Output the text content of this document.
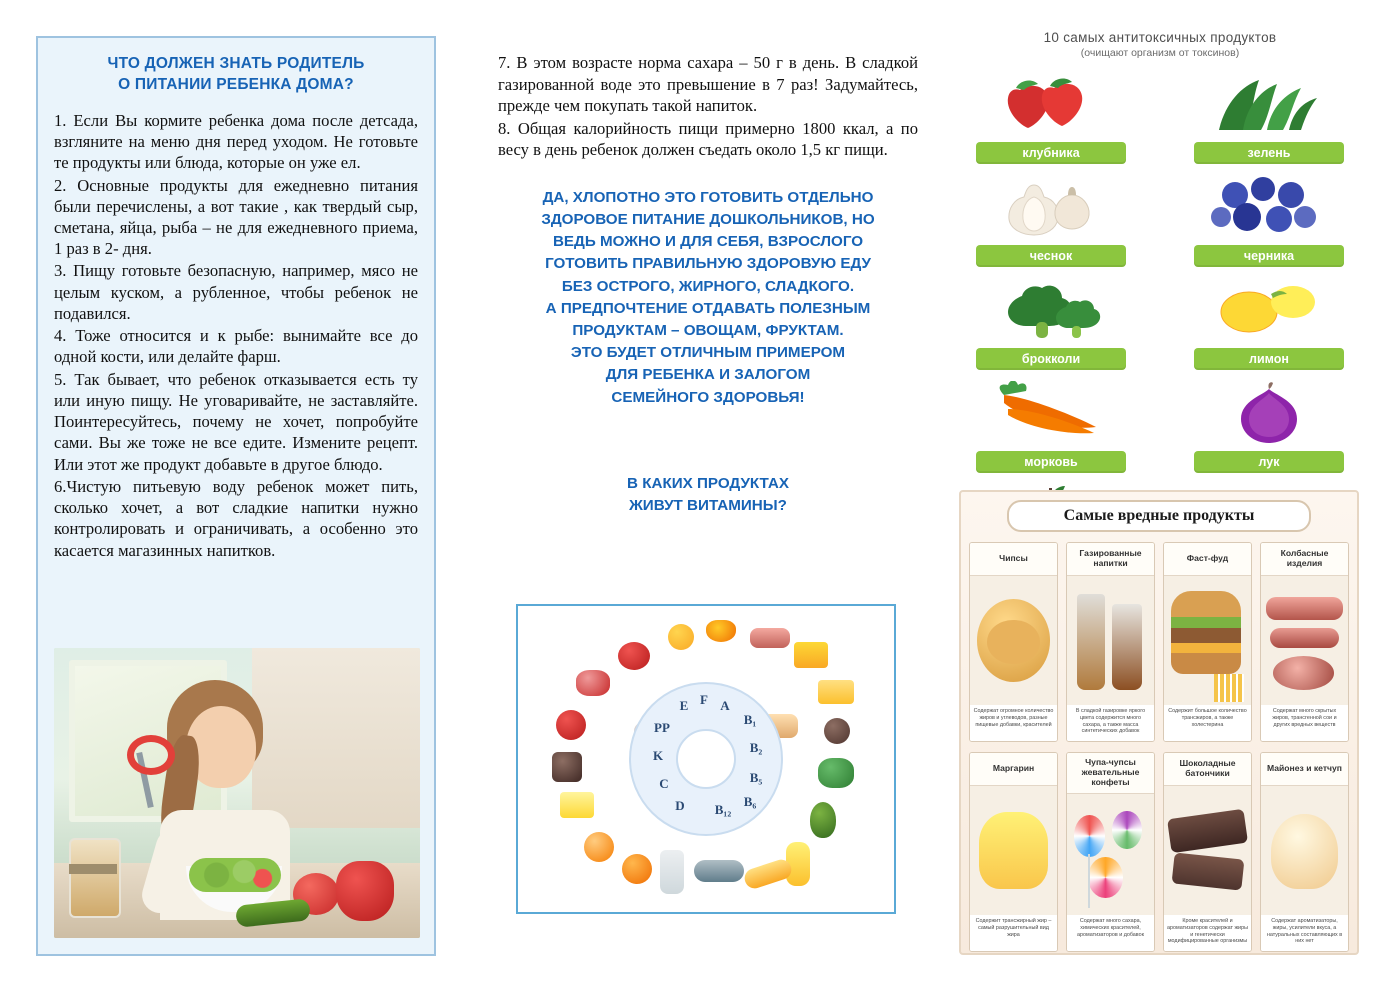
ЧТО ДОЛЖЕН ЗНАТЬ РОДИТЕЛЬ
О ПИТАНИИ РЕБЕНКА ДОМА?

1. Если Вы кормите ребенка дома после детсада, взгляните на меню дня перед уходом. Не готовьте те продукты или блюда, которые он уже ел.

2. Основные продукты для ежедневно питания были перечислены, а вот такие , как твердый сыр, сметана, яйца, рыба – не для ежедневного приема, 1 раз в 2- дня.

3. Пищу готовьте безопасную, например, мясо не целым куском, а рубленное, чтобы ребенок не подавился.

4. Тоже относится и к рыбе: вынимайте все до одной кости, или делайте фарш.

5. Так бывает, что ребенок отказывается есть ту или иную пищу. Не уговаривайте, не заставляйте. Поинтересуйтесь, почему не хочет, попробуйте сами. Вы же тоже не все едите. Измените рецепт. Или этот же продукт добавьте в другое блюдо.

6.Чистую питьевую воду ребенок может пить, сколько хочет, а вот сладкие напитки нужно контролировать и ограничивать, а особенно это касается магазинных напитков.

7. В этом возрасте норма сахара – 50 г в день. В сладкой газированной воде это превышение в 7 раз! Задумайтесь, прежде чем покупать такой напиток.

8. Общая калорийность пищи примерно 1800 ккал, а по весу в день ребенок должен съедать около 1,5 кг пищи.

ДА, ХЛОПОТНО ЭТО ГОТОВИТЬ ОТДЕЛЬНО
ЗДОРОВОЕ ПИТАНИЕ ДОШКОЛЬНИКОВ, НО
ВЕДЬ МОЖНО И ДЛЯ СЕБЯ, ВЗРОСЛОГО
ГОТОВИТЬ ПРАВИЛЬНУЮ ЗДОРОВУЮ ЕДУ
БЕЗ ОСТРОГО, ЖИРНОГО, СЛАДКОГО.
А ПРЕДПОЧТЕНИЕ ОТДАВАТЬ ПОЛЕЗНЫМ
ПРОДУКТАМ – ОВОЩАМ, ФРУКТАМ.
ЭТО БУДЕТ ОТЛИЧНЫМ ПРИМЕРОМ
ДЛЯ РЕБЕНКА И ЗАЛОГОМ
СЕМЕЙНОГО ЗДОРОВЬЯ!
В КАКИХ ПРОДУКТАХ
ЖИВУТ ВИТАМИНЫ?
E F A
B₁
PP
B₂
K
B₅
C
B₆
D B₁₂
10 самых антитоксичных продуктов
(очищают организм от токсинов)
клубника	зелень
чеснок	черника
брокколи	лимон
морковь	лук
Самые вредные продукты
Чипсы
Содержат огромное количество жиров и углеводов, разные пищевые добавки, красителей
Газированные напитки
В сладкой газировке яркого цвета содержится много сахара, а также масса синтетических добавок
Фаст-фуд
Содержит большое количество трансжиров, а также холестерина
Колбасные изделия
Содержат много скрытых жиров, трансгенной сои и других вредных веществ
Маргарин
Содержит трансжирный жир – самый разрушительный вид жира
Чупа-чупсы жевательные конфеты
Содержат много сахара, химических красителей, ароматизаторов и добавок
Шоколадные батончики
Кроме красителей и ароматизаторов содержат жиры и генетически модифицированные организмы
Майонез и кетчуп
Содержат ароматизаторы, жиры, усилители вкуса, а натуральных составляющих в них нет
